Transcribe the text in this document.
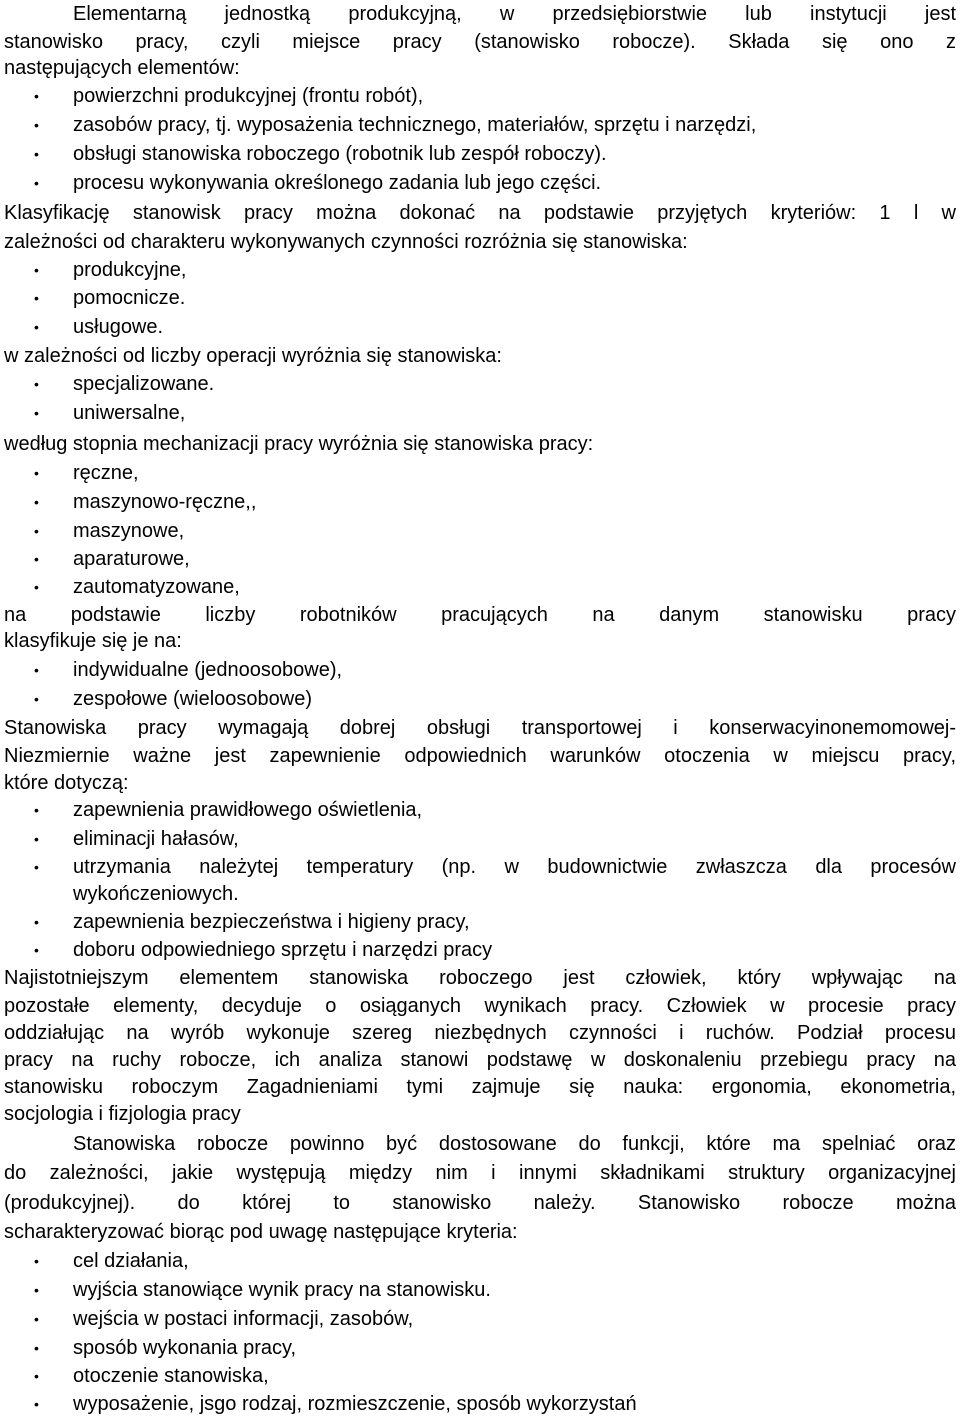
Elementarną jednostką produkcyjną, w przedsiębiorstwie lub instytucji jest
stanowisko pracy, czyli miejsce pracy (stanowisko robocze). Składa się ono z
następujących elementów:
• powierzchni produkcyjnej (frontu robót),
• zasobów pracy, tj. wyposażenia technicznego, materiałów, sprzętu i narzędzi,
• obsługi stanowiska roboczego (robotnik lub zespół roboczy).
• procesu wykonywania określonego zadania lub jego części.
Klasyfikację stanowisk pracy można dokonać na podstawie przyjętych kryteriów: 1 l w
zależności od charakteru wykonywanych czynności rozróżnia się stanowiska:
• produkcyjne,
• pomocnicze.
• usługowe.
w zależności od liczby operacji wyróżnia się stanowiska:
• specjalizowane.
• uniwersalne,
według stopnia mechanizacji pracy wyróżnia się stanowiska pracy:
• ręczne,
• maszynowo-ręczne,,
• maszynowe,
• aparaturowe,
• zautomatyzowane,
na podstawie liczby robotników pracujących na danym stanowisku pracy
klasyfikuje się je na:
• indywidualne (jednoosobowe),
• zespołowe (wieloosobowe)
Stanowiska pracy wymagają dobrej obsługi transportowej i konserwacyinonemomowej-
Niezmiernie ważne jest zapewnienie odpowiednich warunków otoczenia w miejscu pracy,
które dotyczą:
• zapewnienia prawidłowego oświetlenia,
• eliminacji hałasów,
• utrzymania należytej temperatury (np. w budownictwie zwłaszcza dla procesów
wykończeniowych.
• zapewnienia bezpieczeństwa i higieny pracy,
• doboru odpowiedniego sprzętu i narzędzi pracy
Najistotniejszym elementem stanowiska roboczego jest człowiek, który wpływając na
pozostałe elementy, decyduje o osiąganych wynikach pracy. Człowiek w procesie pracy
oddziałując na wyrób wykonuje szereg niezbędnych czynności i ruchów. Podział procesu
pracy na ruchy robocze, ich analiza stanowi podstawę w doskonaleniu przebiegu pracy na
stanowisku roboczym Zagadnieniami tymi zajmuje się nauka: ergonomia, ekonometria,
socjologia i fizjologia pracy
Stanowiska robocze powinno być dostosowane do funkcji, które ma spelniać oraz
do zależności, jakie występują między nim i innymi składnikami struktury organizacyjnej
(produkcyjnej). do której to stanowisko należy. Stanowisko robocze można
scharakteryzować biorąc pod uwagę następujące kryteria:
• cel działania,
• wyjścia stanowiące wynik pracy na stanowisku.
• wejścia w postaci informacji, zasobów,
• sposób wykonania pracy,
• otoczenie stanowiska,
• wyposażenie, jsgo rodzaj, rozmieszczenie, sposób wykorzystań
